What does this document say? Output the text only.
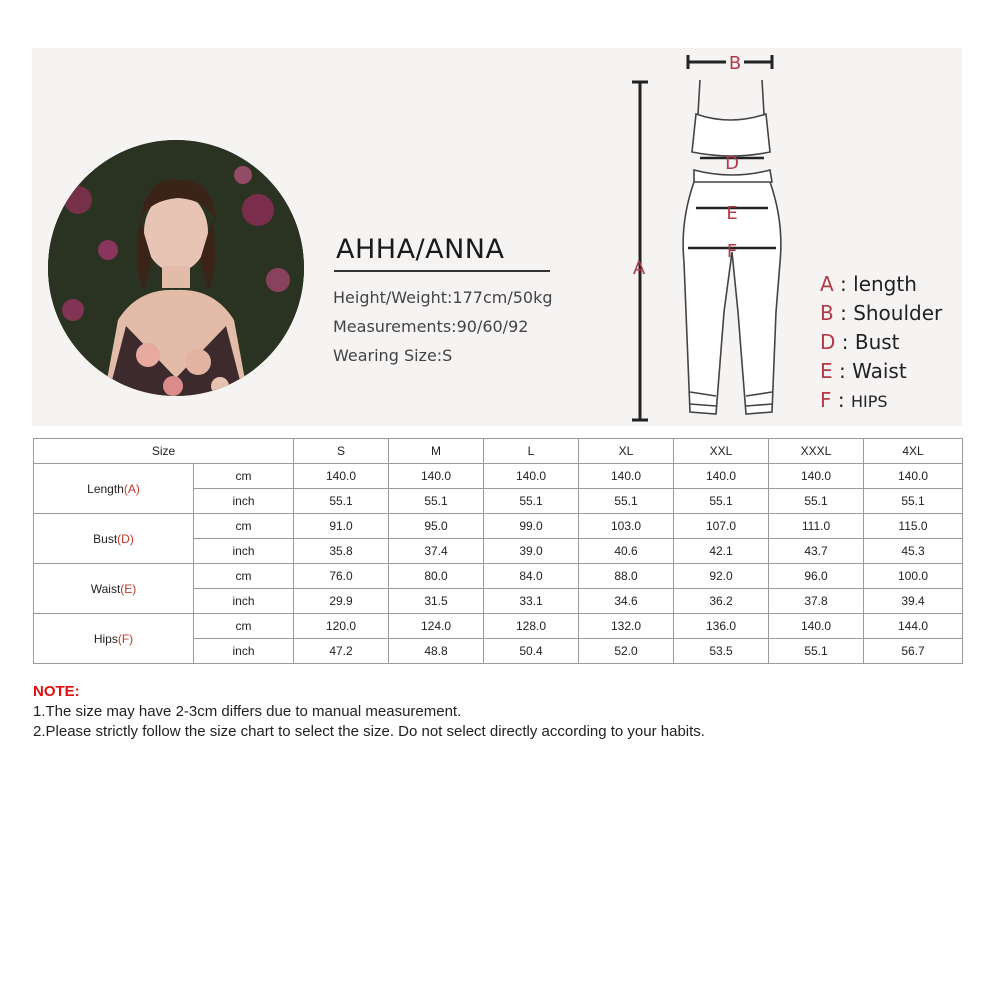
AHHA/ANNA
Height/Weight:177cm/50kg
Measurements:90/60/92
Wearing Size:S
A
B
D
E
F
A : length
B : Shoulder
D : Bust
E : Waist
F : HIPS
Size		S	M	L	XL	XXL	XXXL	4XL
Length(A)	cm	140.0	140.0	140.0	140.0	140.0	140.0	140.0
	inch	55.1	55.1	55.1	55.1	55.1	55.1	55.1
Bust(D)	cm	91.0	95.0	99.0	103.0	107.0	111.0	115.0
	inch	35.8	37.4	39.0	40.6	42.1	43.7	45.3
Waist(E)	cm	76.0	80.0	84.0	88.0	92.0	96.0	100.0
	inch	29.9	31.5	33.1	34.6	36.2	37.8	39.4
Hips(F)	cm	120.0	124.0	128.0	132.0	136.0	140.0	144.0
	inch	47.2	48.8	50.4	52.0	53.5	55.1	56.7
NOTE:
1.The size may have 2-3cm differs due to manual measurement.
2.Please strictly follow the size chart to select the size. Do not select directly according to your habits.
